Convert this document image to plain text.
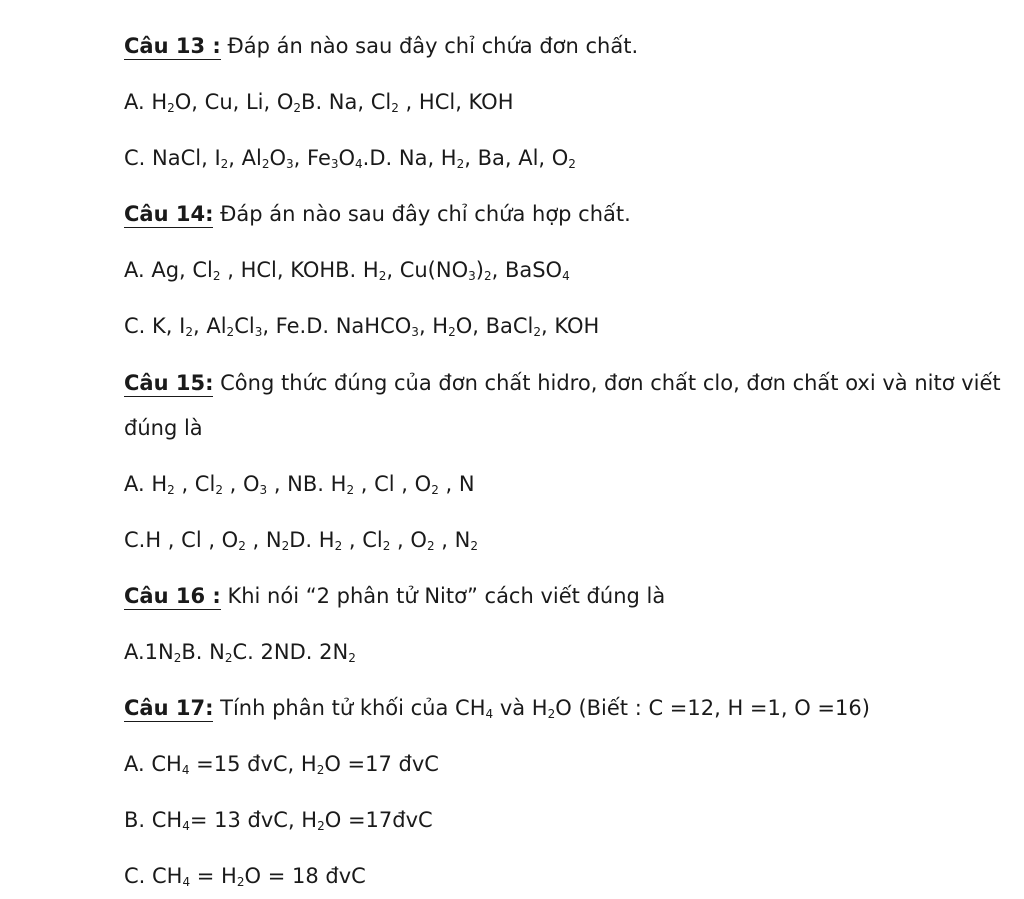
Câu 13 : Đáp án nào sau đây chỉ chứa đơn chất.
A. $H_2O$, Cu, Li, $O_2B$. Na, $Cl_2$ , HCl, KOH
C. NaCl, $I_2$, $Al_2O_3$, $Fe_3O_4.D$. Na, $H_2$, Ba, Al, $O_2$
Câu 14: Đáp án nào sau đây chỉ chứa hợp chất.
A. Ag, $Cl_2$ , HCl, KOHB. $H_2$, $Cu(NO_3)_2$, BaSO$_4$
C. K, $I_2$, $Al_2Cl_3$, Fe.D. NaHCO$_3$, $H_2O$, BaCl$_2$, KOH
Câu 15: Công thức đúng của đơn chất hidro, đơn chất clo, đơn chất oxi và nitơ viết
đúng là
A. $H_2$ , $Cl_2$ , $O_3$ , NB. $H_2$ , Cl , $O_2$ , N
C.H , Cl , $O_2$ , $N_2D$. $H_2$ , $Cl_2$ , $O_2$ , $N_2$
Câu 16 : Khi nói “2 phân tử Nitơ” cách viết đúng là
$A.1N_2B$. $N_2C$. 2ND. $2N_2$
Câu 17: Tính phân tử khối của $CH_4$ và $H_2O$ (Biết : C =12, H =1, O =16)
A. $CH_4 =15$ đvC, $H_2O =17$ đvC
B. $CH_4= 13$ đvC, $H_2O$ =17đvC
C. $CH_4 = H_2O = 18$ đvC
